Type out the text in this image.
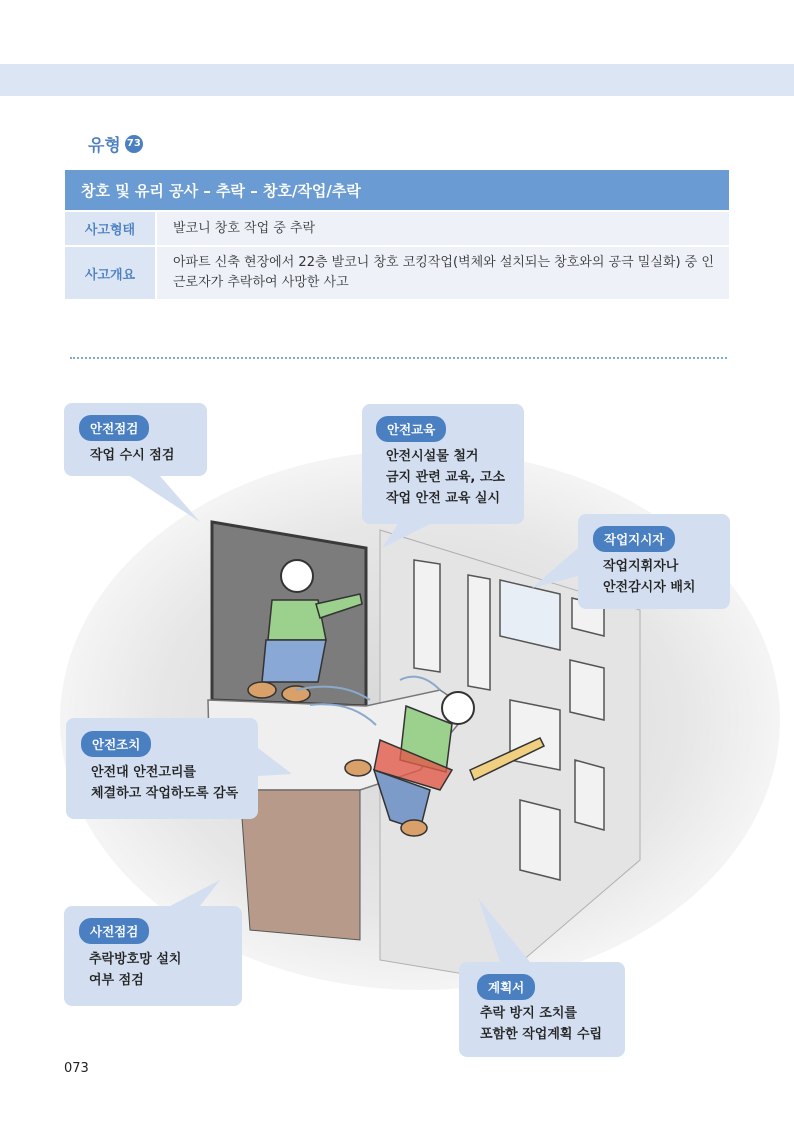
유형 73
창호 및 유리 공사 – 추락 – 창호/작업/추락
사고형태	발코니 창호 작업 중 추락
사고개요
아파트 신축 현장에서 22층 발코니 창호 코킹작업(벽체와 설치되는 창호와의 공극 밀실화) 중 인 근로자가 추락하여 사망한 사고
안전점검
작업 수시 점검
안전교육
안전시설물 철거
금지 관련 교육, 고소
작업 안전 교육 실시
작업지시자
작업지휘자나
안전감시자 배치
안전조치
안전대 안전고리를
체결하고 작업하도록 감독
사전점검
추락방호망 설치
여부 점검	계획서
추락 방지 조치를
포함한 작업계획 수립
073
